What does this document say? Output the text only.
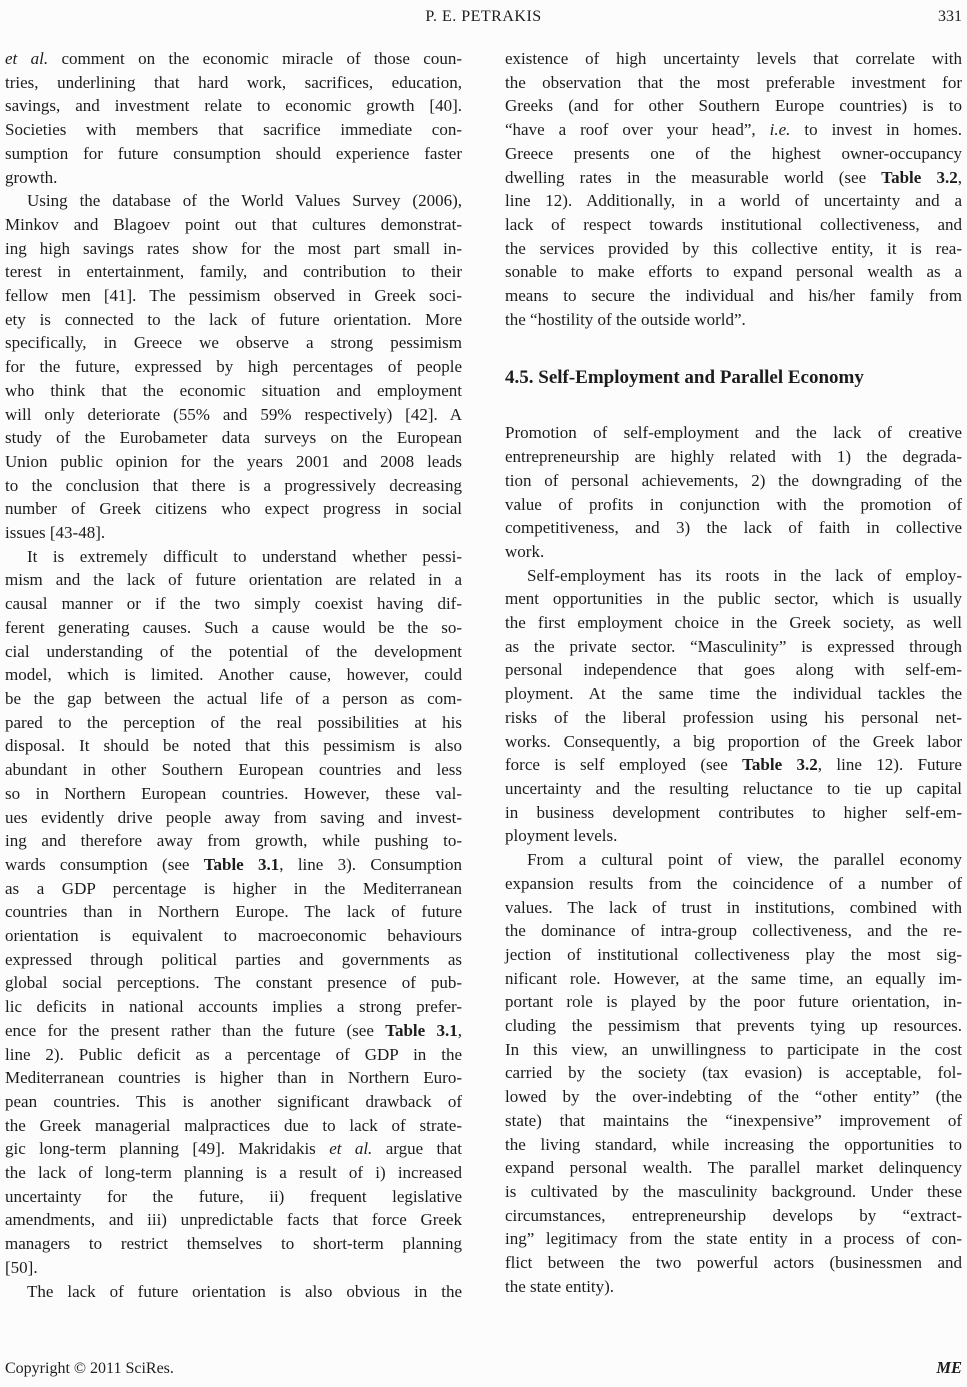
P. E. PETRAKIS	331
et al. comment on the economic miracle of those coun-
tries, underlining that hard work, sacrifices, education,
savings, and investment relate to economic growth [40].
Societies with members that sacrifice immediate con-
sumption for future consumption should experience faster
growth.
Using the database of the World Values Survey (2006),
Minkov and Blagoev point out that cultures demonstrat-
ing high savings rates show for the most part small in-
terest in entertainment, family, and contribution to their
fellow men [41]. The pessimism observed in Greek soci-
ety is connected to the lack of future orientation. More
specifically, in Greece we observe a strong pessimism
for the future, expressed by high percentages of people
who think that the economic situation and employment
will only deteriorate (55% and 59% respectively) [42]. A
study of the Eurobameter data surveys on the European
Union public opinion for the years 2001 and 2008 leads
to the conclusion that there is a progressively decreasing
number of Greek citizens who expect progress in social
issues [43-48].
It is extremely difficult to understand whether pessi-
mism and the lack of future orientation are related in a
causal manner or if the two simply coexist having dif-
ferent generating causes. Such a cause would be the so-
cial understanding of the potential of the development
model, which is limited. Another cause, however, could
be the gap between the actual life of a person as com-
pared to the perception of the real possibilities at his
disposal. It should be noted that this pessimism is also
abundant in other Southern European countries and less
so in Northern European countries. However, these val-
ues evidently drive people away from saving and invest-
ing and therefore away from growth, while pushing to-
wards consumption (see Table 3.1, line 3). Consumption
as a GDP percentage is higher in the Mediterranean
countries than in Northern Europe. The lack of future
orientation is equivalent to macroeconomic behaviours
expressed through political parties and governments as
global social perceptions. The constant presence of pub-
lic deficits in national accounts implies a strong prefer-
ence for the present rather than the future (see Table 3.1,
line 2). Public deficit as a percentage of GDP in the
Mediterranean countries is higher than in Northern Euro-
pean countries. This is another significant drawback of
the Greek managerial malpractices due to lack of strate-
gic long-term planning [49]. Makridakis et al. argue that
the lack of long-term planning is a result of i) increased
uncertainty for the future, ii) frequent legislative
amendments, and iii) unpredictable facts that force Greek
managers to restrict themselves to short-term planning
[50].
The lack of future orientation is also obvious in the
existence of high uncertainty levels that correlate with
the observation that the most preferable investment for
Greeks (and for other Southern Europe countries) is to
“have a roof over your head”, i.e. to invest in homes.
Greece presents one of the highest owner-occupancy
dwelling rates in the measurable world (see Table 3.2,
line 12). Additionally, in a world of uncertainty and a
lack of respect towards institutional collectiveness, and
the services provided by this collective entity, it is rea-
sonable to make efforts to expand personal wealth as a
means to secure the individual and his/her family from
the “hostility of the outside world”.
4.5. Self-Employment and Parallel Economy
Promotion of self-employment and the lack of creative
entrepreneurship are highly related with 1) the degrada-
tion of personal achievements, 2) the downgrading of the
value of profits in conjunction with the promotion of
competitiveness, and 3) the lack of faith in collective
work.
Self-employment has its roots in the lack of employ-
ment opportunities in the public sector, which is usually
the first employment choice in the Greek society, as well
as the private sector. “Masculinity” is expressed through
personal independence that goes along with self-em-
ployment. At the same time the individual tackles the
risks of the liberal profession using his personal net-
works. Consequently, a big proportion of the Greek labor
force is self employed (see Table 3.2, line 12). Future
uncertainty and the resulting reluctance to tie up capital
in business development contributes to higher self-em-
ployment levels.
From a cultural point of view, the parallel economy
expansion results from the coincidence of a number of
values. The lack of trust in institutions, combined with
the dominance of intra-group collectiveness, and the re-
jection of institutional collectiveness play the most sig-
nificant role. However, at the same time, an equally im-
portant role is played by the poor future orientation, in-
cluding the pessimism that prevents tying up resources.
In this view, an unwillingness to participate in the cost
carried by the society (tax evasion) is acceptable, fol-
lowed by the over-indebting of the “other entity” (the
state) that maintains the “inexpensive” improvement of
the living standard, while increasing the opportunities to
expand personal wealth. The parallel market delinquency
is cultivated by the masculinity background. Under these
circumstances, entrepreneurship develops by “extract-
ing” legitimacy from the state entity in a process of con-
flict between the two powerful actors (businessmen and
the state entity).
Copyright © 2011 SciRes.	ME
